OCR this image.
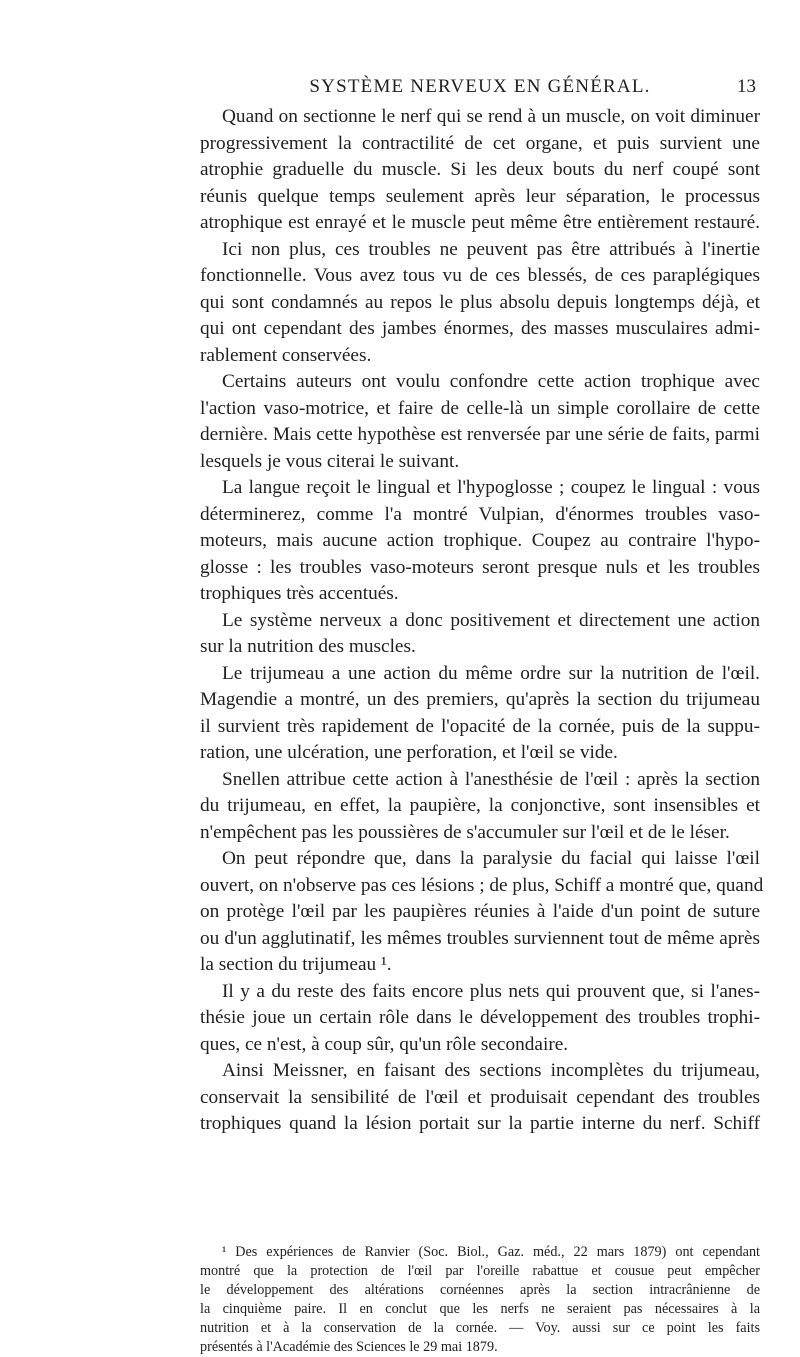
SYSTÈME NERVEUX EN GÉNÉRAL.	13
Quand on sectionne le nerf qui se rend à un muscle, on voit diminuer
progressivement la contractilité de cet organe, et puis survient une
atrophie graduelle du muscle. Si les deux bouts du nerf coupé sont
réunis quelque temps seulement après leur séparation, le processus
atrophique est enrayé et le muscle peut même être entièrement restauré.
Ici non plus, ces troubles ne peuvent pas être attribués à l'inertie
fonctionnelle. Vous avez tous vu de ces blessés, de ces paraplégiques
qui sont condamnés au repos le plus absolu depuis longtemps déjà, et
qui ont cependant des jambes énormes, des masses musculaires admi-
rablement conservées.
Certains auteurs ont voulu confondre cette action trophique avec
l'action vaso-motrice, et faire de celle-là un simple corollaire de cette
dernière. Mais cette hypothèse est renversée par une série de faits, parmi
lesquels je vous citerai le suivant.
La langue reçoit le lingual et l'hypoglosse ; coupez le lingual : vous
déterminerez, comme l'a montré Vulpian, d'énormes troubles vaso-
moteurs, mais aucune action trophique. Coupez au contraire l'hypo-
glosse : les troubles vaso-moteurs seront presque nuls et les troubles
trophiques très accentués.
Le système nerveux a donc positivement et directement une action
sur la nutrition des muscles.
Le trijumeau a une action du même ordre sur la nutrition de l'œil.
Magendie a montré, un des premiers, qu'après la section du trijumeau
il survient très rapidement de l'opacité de la cornée, puis de la suppu-
ration, une ulcération, une perforation, et l'œil se vide.
Snellen attribue cette action à l'anesthésie de l'œil : après la section
du trijumeau, en effet, la paupière, la conjonctive, sont insensibles et
n'empêchent pas les poussières de s'accumuler sur l'œil et de le léser.
On peut répondre que, dans la paralysie du facial qui laisse l'œil
ouvert, on n'observe pas ces lésions ; de plus, Schiff a montré que, quand
on protège l'œil par les paupières réunies à l'aide d'un point de suture
ou d'un agglutinatif, les mêmes troubles surviennent tout de même après
la section du trijumeau ¹.
Il y a du reste des faits encore plus nets qui prouvent que, si l'anes-
thésie joue un certain rôle dans le développement des troubles trophi-
ques, ce n'est, à coup sûr, qu'un rôle secondaire.
Ainsi Meissner, en faisant des sections incomplètes du trijumeau,
conservait la sensibilité de l'œil et produisait cependant des troubles
trophiques quand la lésion portait sur la partie interne du nerf. Schiff
¹ Des expériences de Ranvier (Soc. Biol., Gaz. méd., 22 mars 1879) ont cependant
montré que la protection de l'œil par l'oreille rabattue et cousue peut empêcher
le développement des altérations cornéennes après la section intracrânienne de
la cinquième paire. Il en conclut que les nerfs ne seraient pas nécessaires à la
nutrition et à la conservation de la cornée. — Voy. aussi sur ce point les faits
présentés à l'Académie des Sciences le 29 mai 1879.
